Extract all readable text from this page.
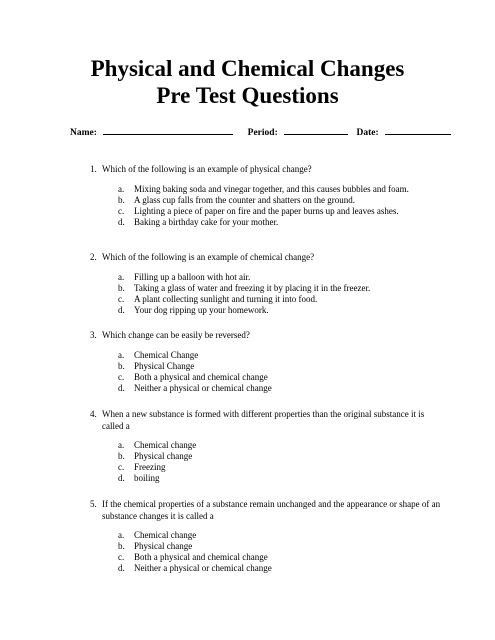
Physical and Chemical Changes
Pre Test Questions
Name:	Period:	Date:
1. Which of the following is an example of physical change?
a. Mixing baking soda and vinegar together, and this causes bubbles and foam.
b. A glass cup falls from the counter and shatters on the ground.
c. Lighting a piece of paper on fire and the paper burns up and leaves ashes.
d. Baking a birthday cake for your mother.
2. Which of the following is an example of chemical change?
a. Filling up a balloon with hot air.
b. Taking a glass of water and freezing it by placing it in the freezer.
c. A plant collecting sunlight and turning it into food.
d. Your dog ripping up your homework.
3. Which change can be easily be reversed?
a. Chemical Change
b. Physical Change
c. Both a physical and chemical change
d. Neither a physical or chemical change
4. When a new substance is formed with different properties than the original substance it is called a
a. Chemical change
b. Physical change
c. Freezing
d. boiling
5. If the chemical properties of a substance remain unchanged and the appearance or shape of an substance changes it is called a
a. Chemical change
b. Physical change
c. Both a physical and chemical change
d. Neither a physical or chemical change
